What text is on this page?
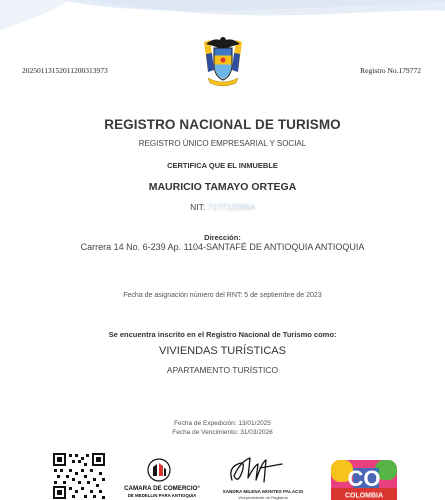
20250113152011200313973	Registro No.179772
REGISTRO NACIONAL DE TURISMO
REGISTRO ÚNICO EMPRESARIAL Y SOCIAL
CERTIFICA QUE EL INMUEBLE
MAURICIO TAMAYO ORTEGA
NIT: 7177120054
Dirección:
Carrera 14 No. 6-239 Ap. 1104-SANTAFÉ DE ANTIOQUIA ANTIOQUIA
Fecha de asignación número del RNT: 5 de septiembre de 2023
Se encuentra inscrito en el Registro Nacional de Turismo como:
VIVIENDAS TURÍSTICAS
APARTAMENTO TURÍSTICO
Fecha de Expedición: 13/01/2025
Fecha de Vencimiento: 31/03/2026
CAMARA DE COMERCIO°
DE MEDELLIN PARA ANTIOQUIA
SANDRA MILENA MONTES PALACIO
Vicepresidente de Registros
CO
COLOMBIA
